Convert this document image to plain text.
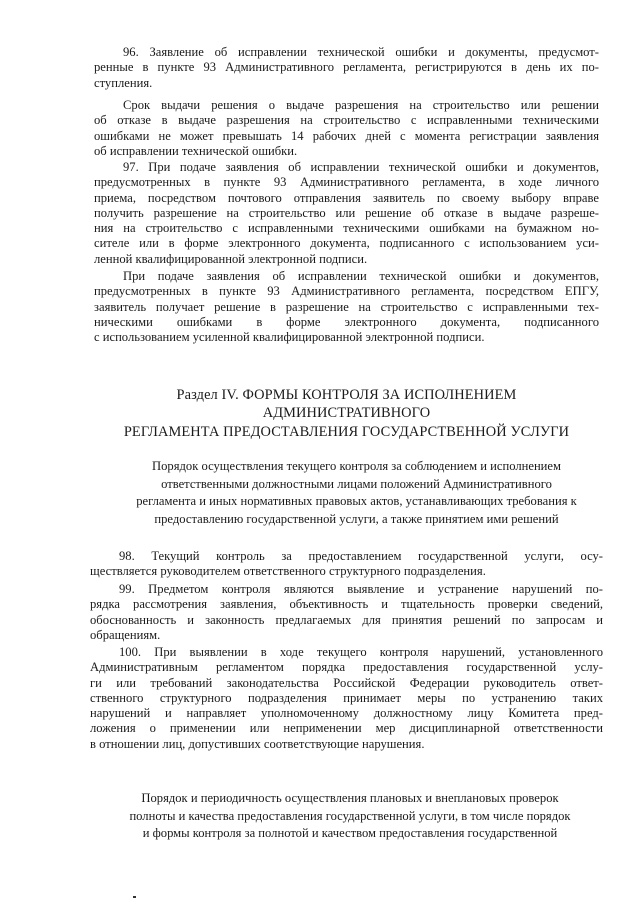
96. Заявление об исправлении технической ошибки и документы, предусмот-
ренные в пункте 93 Административного регламента, регистрируются в день их по-
ступления.
Срок выдачи решения о выдаче разрешения на строительство или решении
об отказе в выдаче разрешения на строительство с исправленными техническими
ошибками не может превышать 14 рабочих дней с момента регистрации заявления
об исправлении технической ошибки.
97. При подаче заявления об исправлении технической ошибки и документов,
предусмотренных в пункте 93 Административного регламента, в ходе личного
приема, посредством почтового отправления заявитель по своему выбору вправе
получить разрешение на строительство или решение об отказе в выдаче разреше-
ния на строительство с исправленными техническими ошибками на бумажном но-
сителе или в форме электронного документа, подписанного с использованием уси-
ленной квалифицированной электронной подписи.
При подаче заявления об исправлении технической ошибки и документов,
предусмотренных в пункте 93 Административного регламента, посредством ЕПГУ,
заявитель получает решение в разрешение на строительство с исправленными тех-
ническими ошибками в форме электронного документа, подписанного
с использованием усиленной квалифицированной электронной подписи.
Раздел IV. ФОРМЫ КОНТРОЛЯ ЗА ИСПОЛНЕНИЕМ
АДМИНИСТРАТИВНОГО
РЕГЛАМЕНТА ПРЕДОСТАВЛЕНИЯ ГОСУДАРСТВЕННОЙ УСЛУГИ
Порядок осуществления текущего контроля за соблюдением и исполнением
ответственными должностными лицами положений Административного
регламента и иных нормативных правовых актов, устанавливающих требования к
предоставлению государственной услуги, а также принятием ими решений
98. Текущий контроль за предоставлением государственной услуги, осу-
ществляется руководителем ответственного структурного подразделения.
99. Предметом контроля являются выявление и устранение нарушений по-
рядка рассмотрения заявления, объективность и тщательность проверки сведений,
обоснованность и законность предлагаемых для принятия решений по запросам и
обращениям.
100. При выявлении в ходе текущего контроля нарушений, установленного
Административным регламентом порядка предоставления государственной услу-
ги или требований законодательства Российской Федерации руководитель ответ-
ственного структурного подразделения принимает меры по устранению таких
нарушений и направляет уполномоченному должностному лицу Комитета пред-
ложения о применении или неприменении мер дисциплинарной ответственности
в отношении лиц, допустивших соответствующие нарушения.
Порядок и периодичность осуществления плановых и внеплановых проверок
полноты и качества предоставления государственной услуги, в том числе порядок
и формы контроля за полнотой и качеством предоставления государственной
